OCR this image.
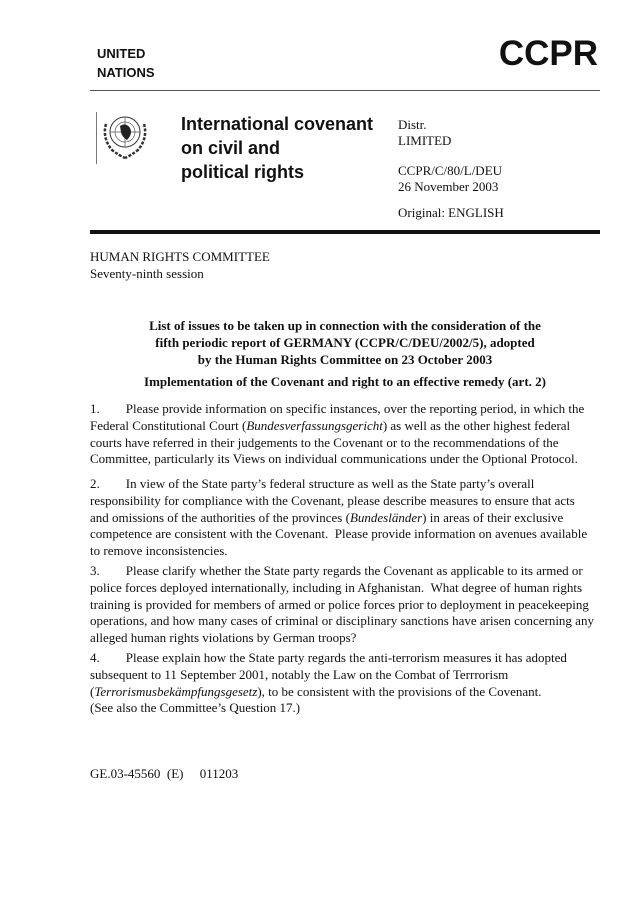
UNITED
NATIONS	CCPR
International covenant
on civil and
political rights
Distr.
LIMITED
CCPR/C/80/L/DEU
26 November 2003
Original: ENGLISH
HUMAN RIGHTS COMMITTEE
Seventy-ninth session
List of issues to be taken up in connection with the consideration of the
fifth periodic report of GERMANY (CCPR/C/DEU/2002/5), adopted
by the Human Rights Committee on 23 October 2003
Implementation of the Covenant and right to an effective remedy (art. 2)
1.        Please provide information on specific instances, over the reporting period, in which the
Federal Constitutional Court (Bundesverfassungsgericht) as well as the other highest federal
courts have referred in their judgements to the Covenant or to the recommendations of the
Committee, particularly its Views on individual communications under the Optional Protocol.
2.        In view of the State party’s federal structure as well as the State party’s overall
responsibility for compliance with the Covenant, please describe measures to ensure that acts
and omissions of the authorities of the provinces (Bundesländer) in areas of their exclusive
competence are consistent with the Covenant.  Please provide information on avenues available
to remove inconsistencies.
3.        Please clarify whether the State party regards the Covenant as applicable to its armed or
police forces deployed internationally, including in Afghanistan.  What degree of human rights
training is provided for members of armed or police forces prior to deployment in peacekeeping
operations, and how many cases of criminal or disciplinary sanctions have arisen concerning any
alleged human rights violations by German troops?
4.        Please explain how the State party regards the anti-terrorism measures it has adopted
subsequent to 11 September 2001, notably the Law on the Combat of Terrrorism
(Terrorismusbekämpfungsgesetz), to be consistent with the provisions of the Covenant.
(See also the Committee’s Question 17.)
GE.03-45560  (E)     011203
